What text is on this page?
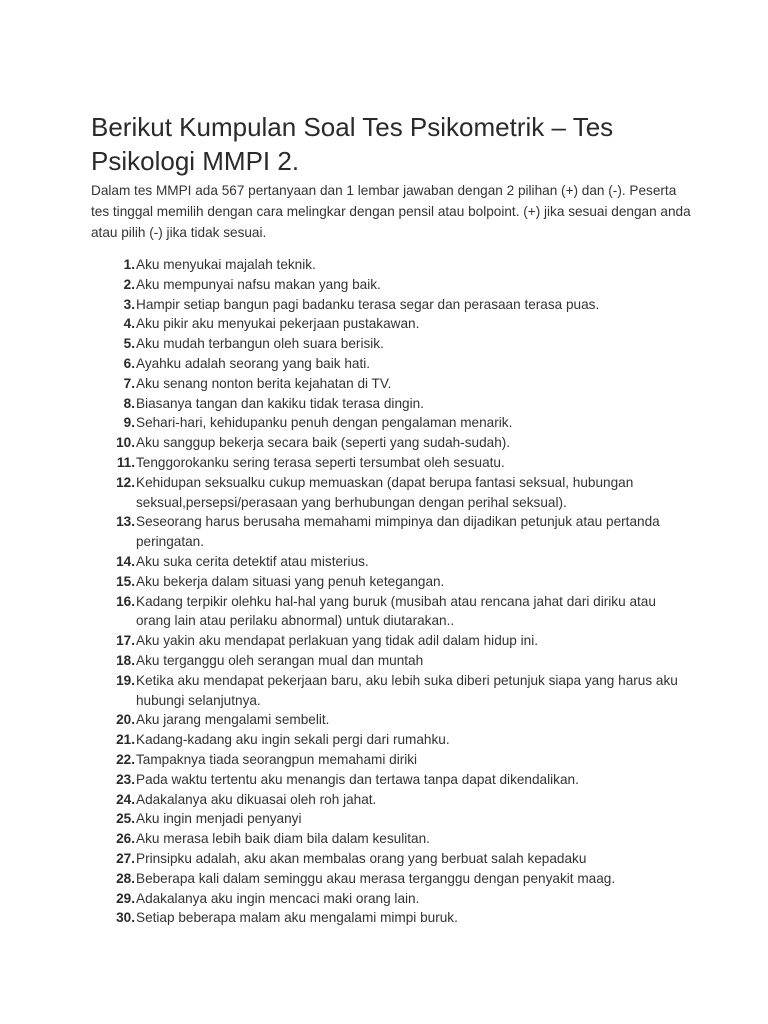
Berikut Kumpulan Soal Tes Psikometrik – Tes Psikologi MMPI 2.

Dalam tes MMPI ada 567 pertanyaan dan 1 lembar jawaban dengan 2 pilihan (+) dan (-). Peserta tes tinggal memilih dengan cara melingkar dengan pensil atau bolpoint. (+) jika sesuai dengan anda atau pilih (-) jika tidak sesuai.

1. Aku menyukai majalah teknik.
2. Aku mempunyai nafsu makan yang baik.
3. Hampir setiap bangun pagi badanku terasa segar dan perasaan terasa puas.
4. Aku pikir aku menyukai pekerjaan pustakawan.
5. Aku mudah terbangun oleh suara berisik.
6. Ayahku adalah seorang yang baik hati.
7. Aku senang nonton berita kejahatan di TV.
8. Biasanya tangan dan kakiku tidak terasa dingin.
9. Sehari-hari, kehidupanku penuh dengan pengalaman menarik.
10. Aku sanggup bekerja secara baik (seperti yang sudah-sudah).
11. Tenggorokanku sering terasa seperti tersumbat oleh sesuatu.
12. Kehidupan seksualku cukup memuaskan (dapat berupa fantasi seksual, hubungan seksual,persepsi/perasaan yang berhubungan dengan perihal seksual).
13. Seseorang harus berusaha memahami mimpinya dan dijadikan petunjuk atau pertanda peringatan.
14. Aku suka cerita detektif atau misterius.
15. Aku bekerja dalam situasi yang penuh ketegangan.
16. Kadang terpikir olehku hal-hal yang buruk (musibah atau rencana jahat dari diriku atau orang lain atau perilaku abnormal) untuk diutarakan..
17. Aku yakin aku mendapat perlakuan yang tidak adil dalam hidup ini.
18. Aku terganggu oleh serangan mual dan muntah
19. Ketika aku mendapat pekerjaan baru, aku lebih suka diberi petunjuk siapa yang harus aku hubungi selanjutnya.
20. Aku jarang mengalami sembelit.
21. Kadang-kadang aku ingin sekali pergi dari rumahku.
22. Tampaknya tiada seorangpun memahami diriki
23. Pada waktu tertentu aku menangis dan tertawa tanpa dapat dikendalikan.
24. Adakalanya aku dikuasai oleh roh jahat.
25. Aku ingin menjadi penyanyi
26. Aku merasa lebih baik diam bila dalam kesulitan.
27. Prinsipku adalah, aku akan membalas orang yang berbuat salah kepadaku
28. Beberapa kali dalam seminggu akau merasa terganggu dengan penyakit maag.
29. Adakalanya aku ingin mencaci maki orang lain.
30. Setiap beberapa malam aku mengalami mimpi buruk.
